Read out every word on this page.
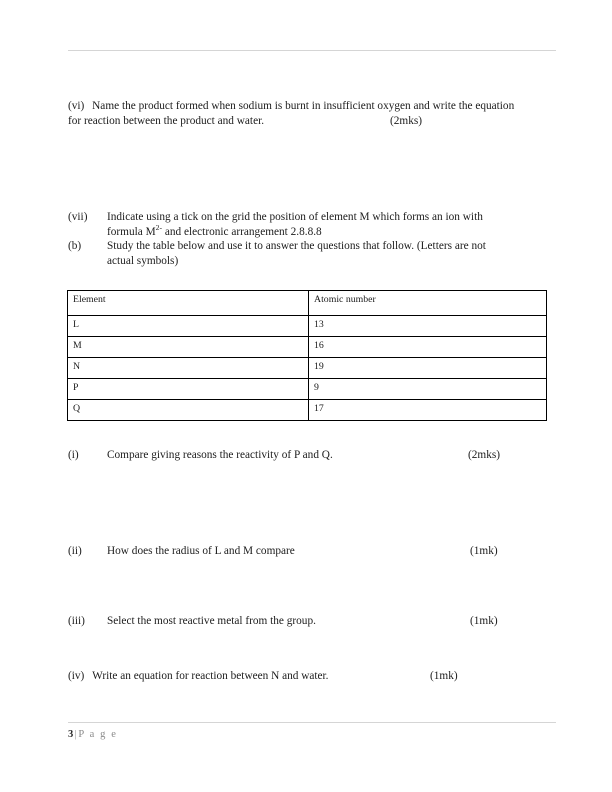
(vi) Name the product formed when sodium is burnt in insufficient oxygen and write the equation
for reaction between the product and water.	(2mks)
(vii)	Indicate using a tick on the grid the position of element M which forms an ion with
formula $M^{2-}$ and electronic arrangement 2.8.8.8
(b)	Study the table below and use it to answer the questions that follow. (Letters are not
actual symbols)
Element	Atomic number
L	13
M	16
N	19
P	9
Q	17
(i)	Compare giving reasons the reactivity of P and Q.	(2mks)
(ii)	How does the radius of L and M compare	(1mk)
(iii)	Select the most reactive metal from the group.	(1mk)
(iv) Write an equation for reaction between N and water.	(1mk)
3| P a g e
